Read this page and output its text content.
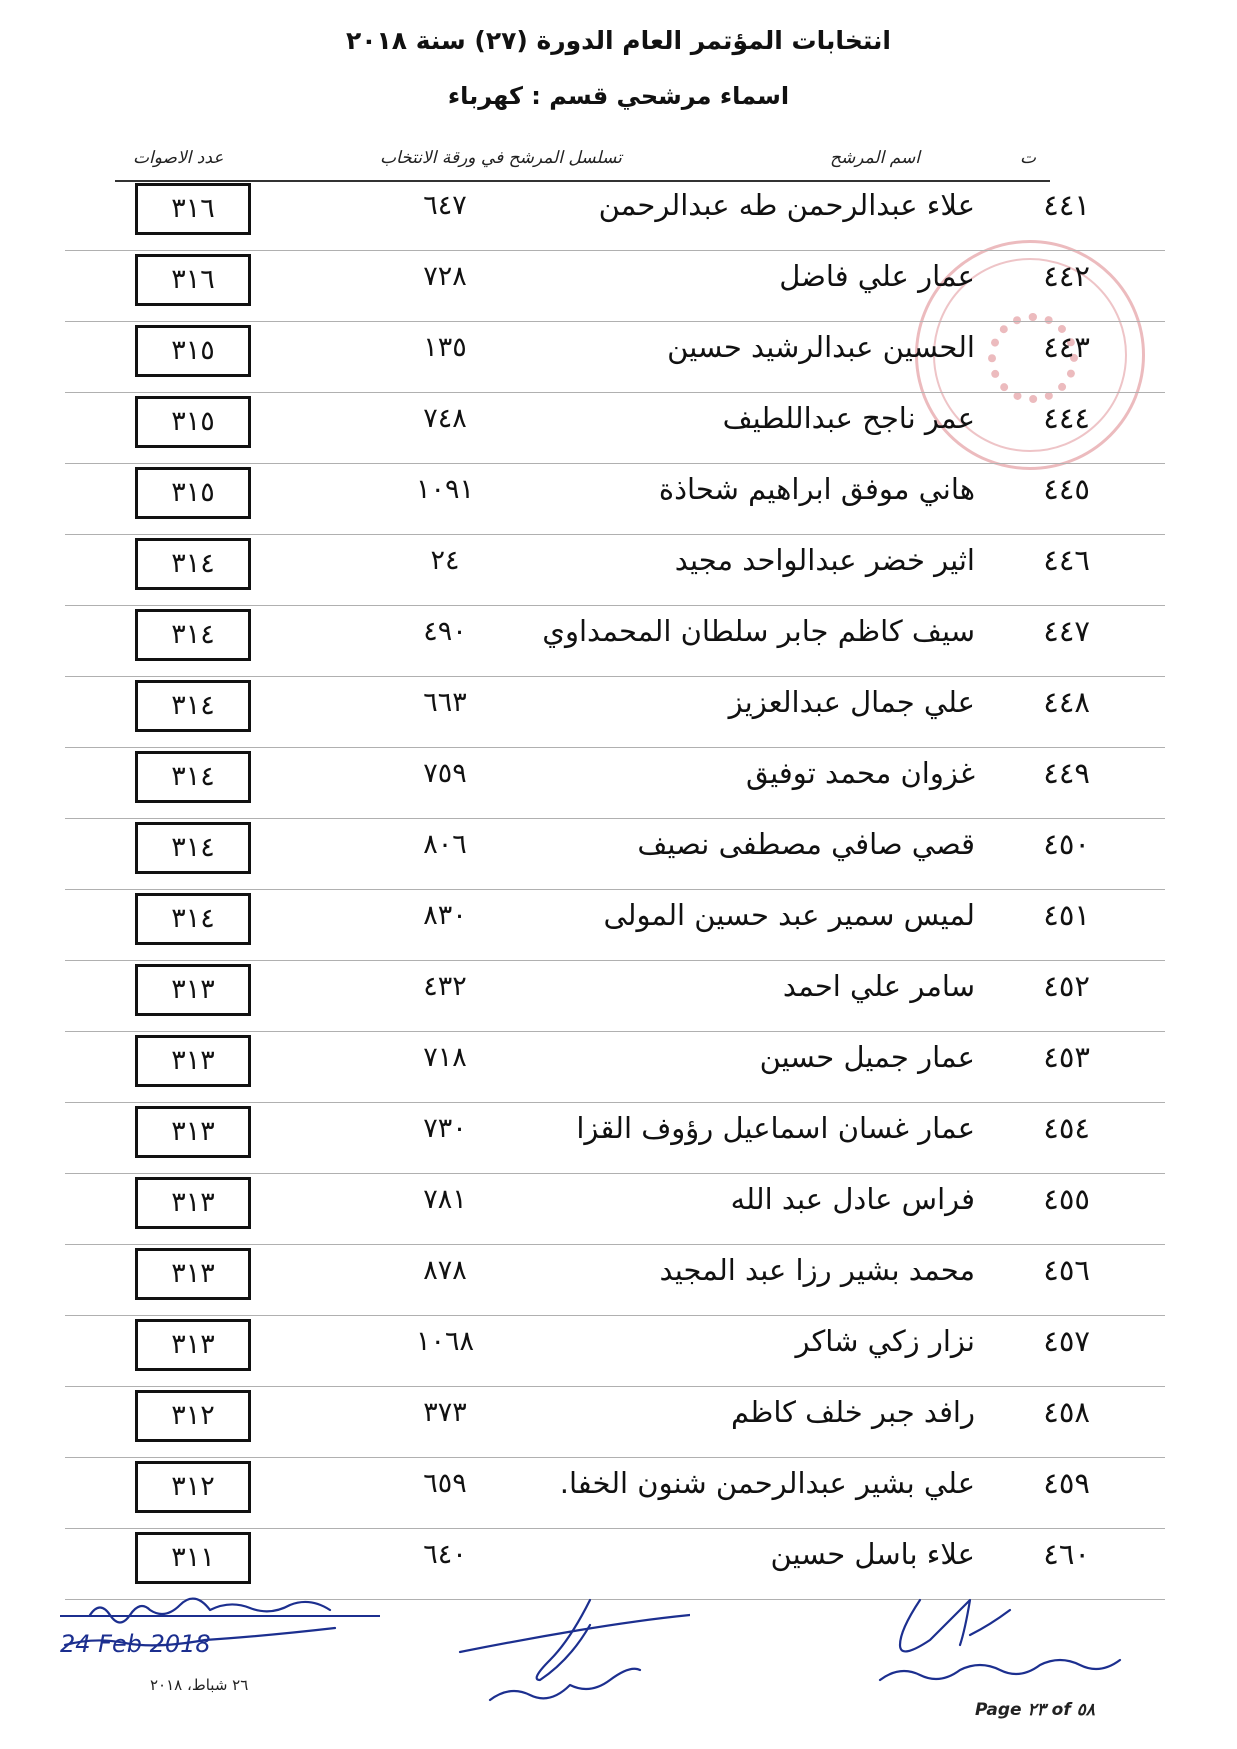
انتخابات المؤتمر العام الدورة (٢٧) سنة ٢٠١٨
اسماء مرشحي قسم : كهرباء
ت
اسم المرشح
تسلسل المرشح في ورقة الانتخاب
عدد الاصوات
٤٤١
علاء عبدالرحمن طه عبدالرحمن
٦٤٧
٣١٦
٤٤٢
عمار علي فاضل
٧٢٨
٣١٦
٤٤٣
الحسين عبدالرشيد حسين
١٣٥
٣١٥
٤٤٤
عمر ناجح عبداللطيف
٧٤٨
٣١٥
٤٤٥
هاني موفق ابراهيم شحاذة
١٠٩١
٣١٥
٤٤٦
اثير خضر عبدالواحد مجيد
٢٤
٣١٤
٤٤٧
سيف كاظم جابر سلطان المحمداوي
٤٩٠
٣١٤
٤٤٨
علي جمال عبدالعزيز
٦٦٣
٣١٤
٤٤٩
غزوان محمد توفيق
٧٥٩
٣١٤
٤٥٠
قصي صافي مصطفى نصيف
٨٠٦
٣١٤
٤٥١
لميس سمير عبد حسين المولى
٨٣٠
٣١٤
٤٥٢
سامر علي احمد
٤٣٢
٣١٣
٤٥٣
عمار جميل حسين
٧١٨
٣١٣
٤٥٤
عمار غسان اسماعيل رؤوف القزا
٧٣٠
٣١٣
٤٥٥
فراس عادل عبد الله
٧٨١
٣١٣
٤٥٦
محمد بشير رزا عبد المجيد
٨٧٨
٣١٣
٤٥٧
نزار زكي شاكر
١٠٦٨
٣١٣
٤٥٨
رافد جبر خلف كاظم
٣٧٣
٣١٢
٤٥٩
علي بشير عبدالرحمن شنون الخفا.
٦٥٩
٣١٢
٤٦٠
علاء باسل حسين
٦٤٠
٣١١
24 Feb 2018
٢٦ شباط، ٢٠١٨
Page ٢٣ of ٥٨
